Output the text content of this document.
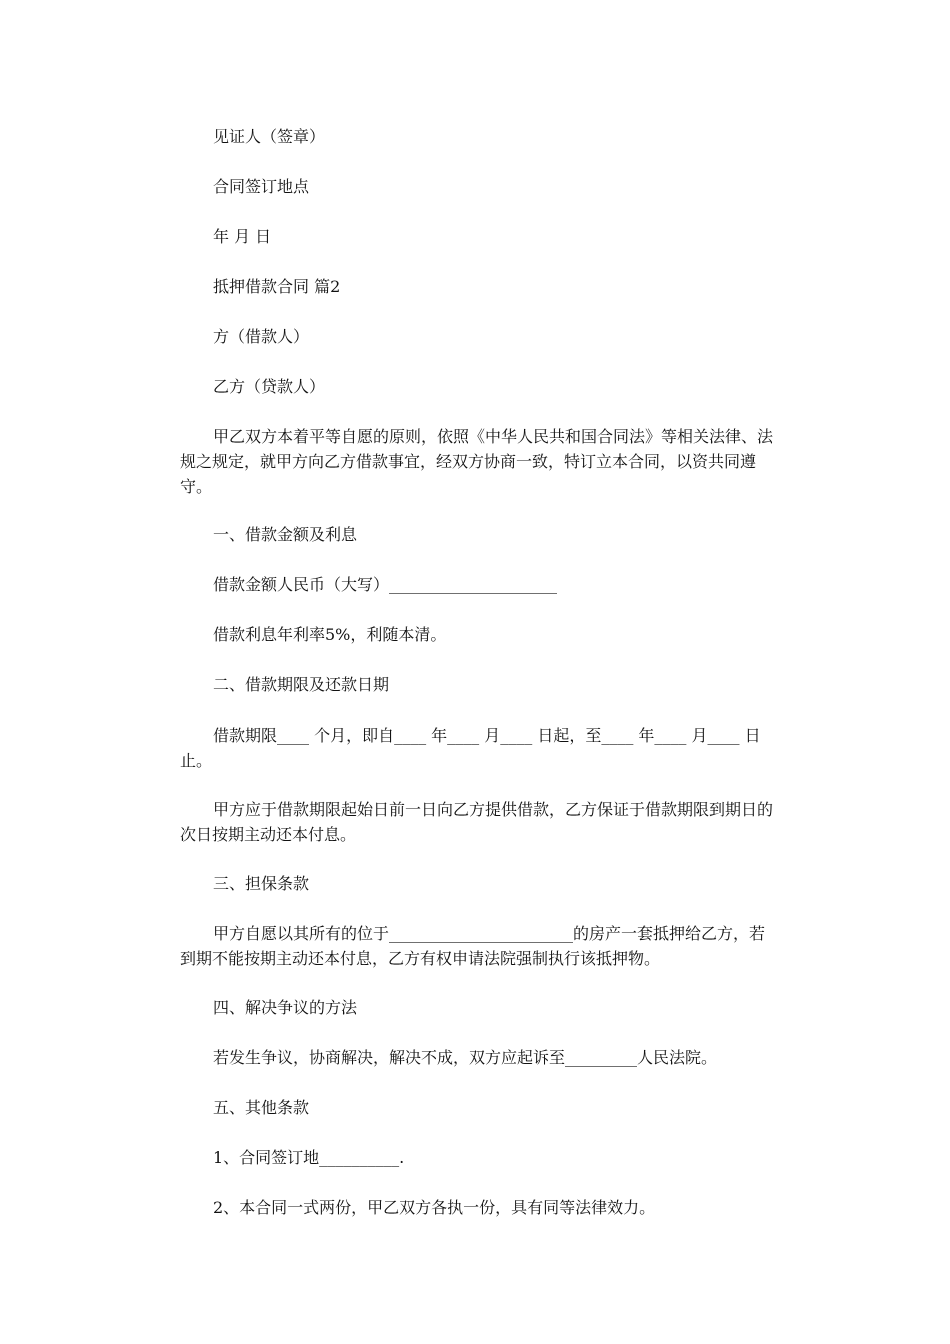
见证人（签章）
合同签订地点
年 月 日
抵押借款合同 篇2
方（借款人）
乙方（贷款人）
甲乙双方本着平等自愿的原则，依照《中华人民共和国合同法》等相关法律、法规之规定，就甲方向乙方借款事宜，经双方协商一致，特订立本合同，以资共同遵守。
一、借款金额及利息
借款金额人民币（大写）_____________________
借款利息年利率5%，利随本清。
二、借款期限及还款日期
借款期限____ 个月，即自____ 年____ 月____ 日起，至____ 年____ 月____ 日止。
甲方应于借款期限起始日前一日向乙方提供借款，乙方保证于借款期限到期日的次日按期主动还本付息。
三、担保条款
甲方自愿以其所有的位于_______________________的房产一套抵押给乙方，若到期不能按期主动还本付息，乙方有权申请法院强制执行该抵押物。
四、解决争议的方法
若发生争议，协商解决，解决不成，双方应起诉至_________人民法院。
五、其他条款
1、合同签订地__________.
2、本合同一式两份，甲乙双方各执一份，具有同等法律效力。
